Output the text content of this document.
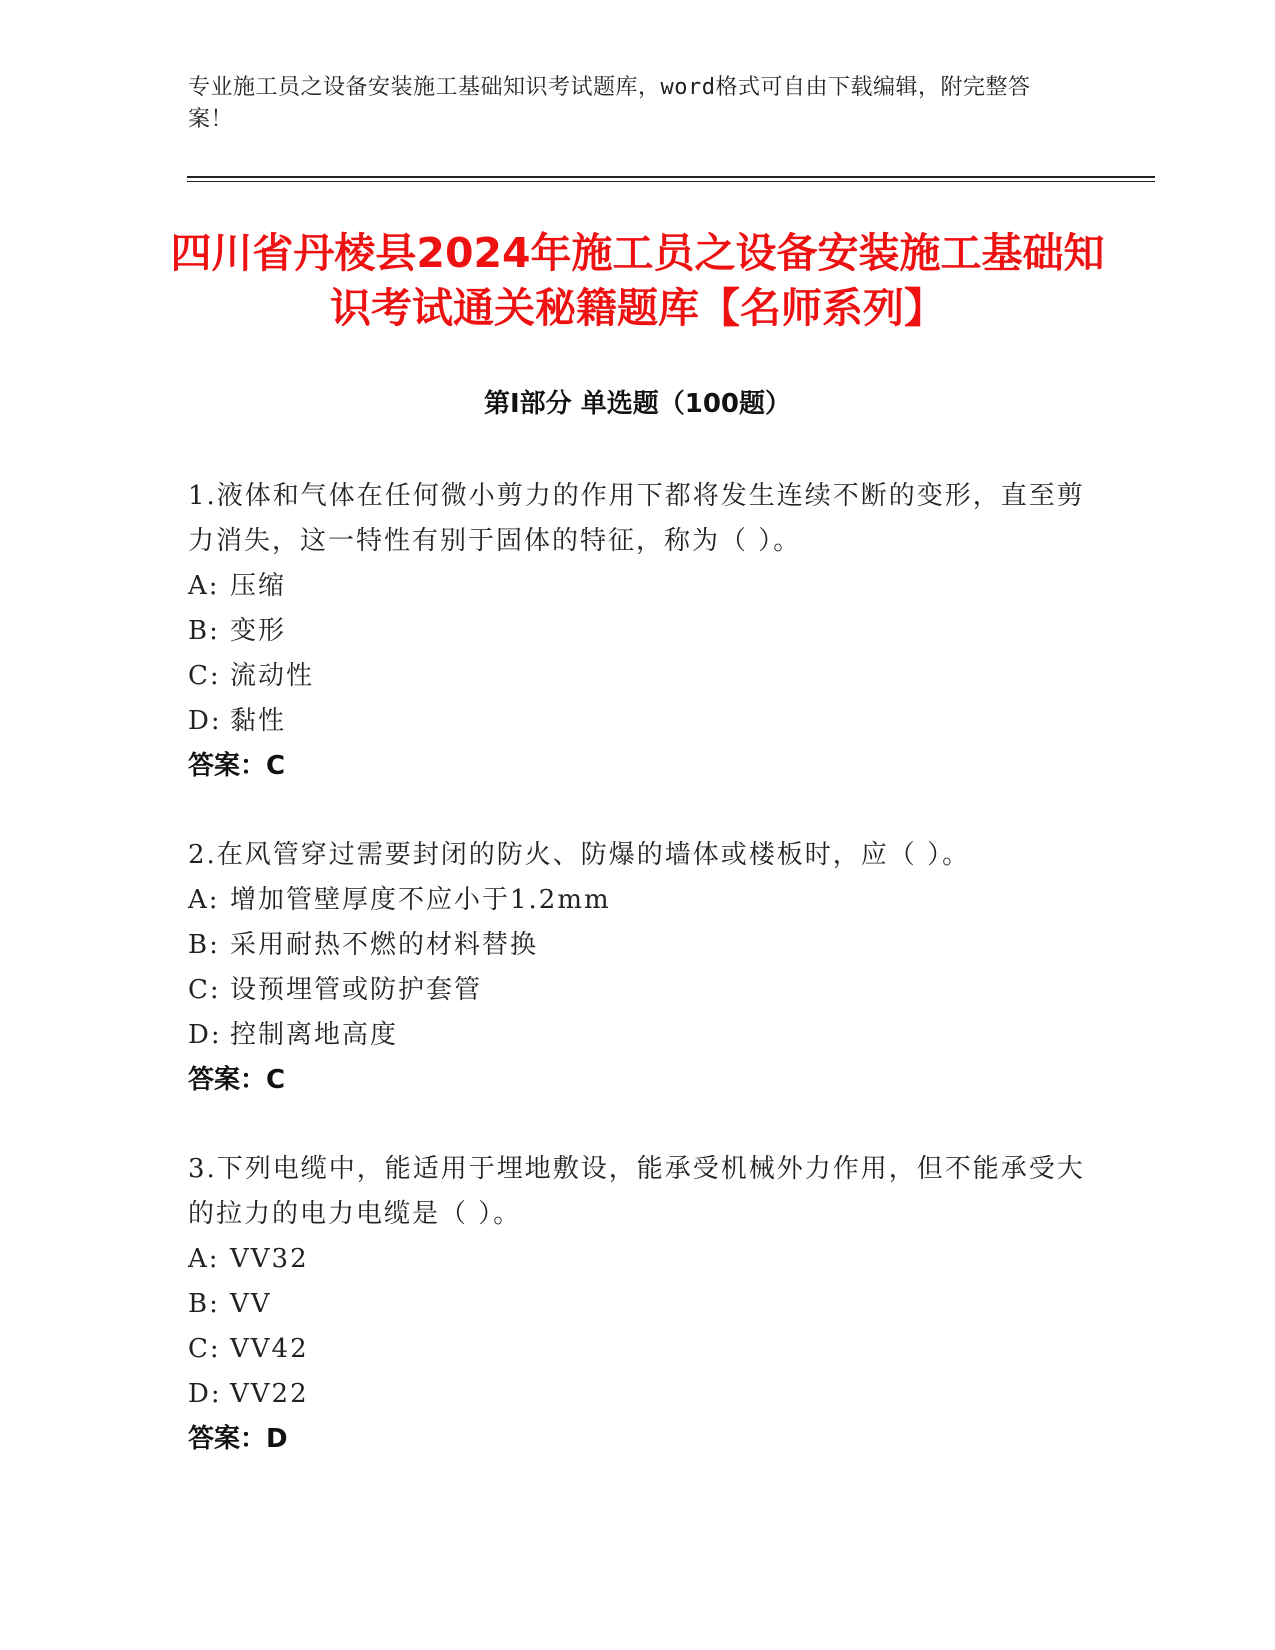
专业施工员之设备安装施工基础知识考试题库，word格式可自由下载编辑，附完整答案！
四川省丹棱县2024年施工员之设备安装施工基础知识考试通关秘籍题库【名师系列】
第Ⅰ部分 单选题（100题）

1.液体和气体在任何微小剪力的作用下都将发生连续不断的变形，直至剪力消失，这一特性有别于固体的特征，称为（ ）。

A: 压缩

B: 变形

C: 流动性

D: 黏性

答案：C

2.在风管穿过需要封闭的防火、防爆的墙体或楼板时，应（ ）。

A: 增加管壁厚度不应小于1.2mm

B: 采用耐热不燃的材料替换

C: 设预埋管或防护套管

D: 控制离地高度

答案：C

3.下列电缆中，能适用于埋地敷设，能承受机械外力作用，但不能承受大的拉力的电力电缆是（ ）。

A: VV32

B: VV

C: VV42

D: VV22

答案：D
